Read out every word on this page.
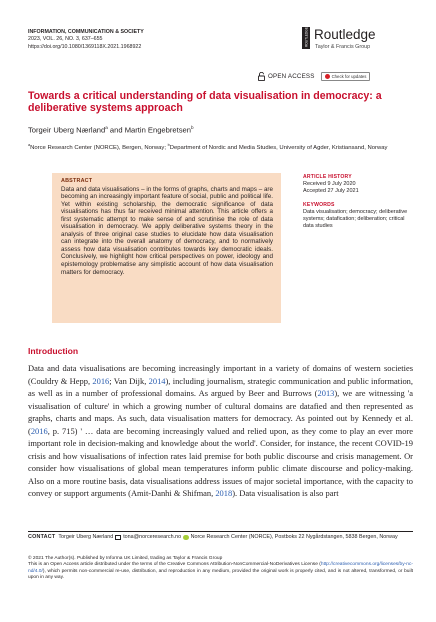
INFORMATION, COMMUNICATION & SOCIETY
2023, VOL. 26, NO. 3, 637–655
https://doi.org/10.1080/1369118X.2021.1968922	ROUTLEDGE Routledge
Taylor & Francis Group
OPEN ACCESS	Check for updates
Towards a critical understanding of data visualisation in democracy: a deliberative systems approach
Torgeir Uberg Nærland$^a$ and Martin Engebretsen$^b$
$^a$Norce Research Center (NORCE), Bergen, Norway; $^b$Department of Nordic and Media Studies, University of Agder, Kristiansand, Norway
ABSTRACT
Data and data visualisations – in the forms of graphs, charts and maps – are becoming an increasingly important feature of social, public and political life. Yet within existing scholarship, the democratic significance of data visualisations has thus far received minimal attention. This article offers a first systematic attempt to make sense of and scrutinise the role of data visualisation in democracy. We apply deliberative systems theory in the analysis of three original case studies to elucidate how data visualisation can integrate into the overall anatomy of democracy, and to normatively assess how data visualisation contributes towards key democratic ideals. Conclusively, we highlight how critical perspectives on power, ideology and epistemology problematise any simplistic account of how data visualisation matters for democracy.
ARTICLE HISTORY
Received 9 July 2020
Accepted 27 July 2021
KEYWORDS
Data visualisation; democracy; deliberative systems; datafication; deliberation; critical data studies
Introduction
Data and data visualisations are becoming increasingly important in a variety of domains of western societies (Couldry & Hepp, 2016; Van Dijk, 2014), including journalism, strategic communication and public information, as well as in a number of professional domains. As argued by Beer and Burrows (2013), we are witnessing 'a visualisation of culture' in which a growing number of cultural domains are datafied and then represented as graphs, charts and maps. As such, data visualisation matters for democracy. As pointed out by Kennedy et al. (2016, p. 715) ' … data are becoming increasingly valued and relied upon, as they come to play an ever more important role in decision-making and knowledge about the world'. Consider, for instance, the recent COVID-19 crisis and how visualisations of infection rates laid premise for both public discourse and crisis management. Or consider how visualisations of global mean temperatures inform public climate discourse and policy-making. Also on a more routine basis, data visualisations address issues of major societal importance, with the capacity to convey or support arguments (Amit-Danhi & Shifman, 2018). Data visualisation is also part
CONTACT Torgeir Uberg Nærland tona@norceresearch.no Norce Research Center (NORCE), Postboks 22 Nygårdstangen, 5838 Bergen, Norway
© 2021 The Author(s). Published by Informa UK Limited, trading as Taylor & Francis Group
This is an Open Access article distributed under the terms of the Creative Commons Attribution-NonCommercial-NoDerivatives License (http://creativecommons.org/licenses/by-nc-nd/4.0/), which permits non-commercial re-use, distribution, and reproduction in any medium, provided the original work is properly cited, and is not altered, transformed, or built upon in any way.
